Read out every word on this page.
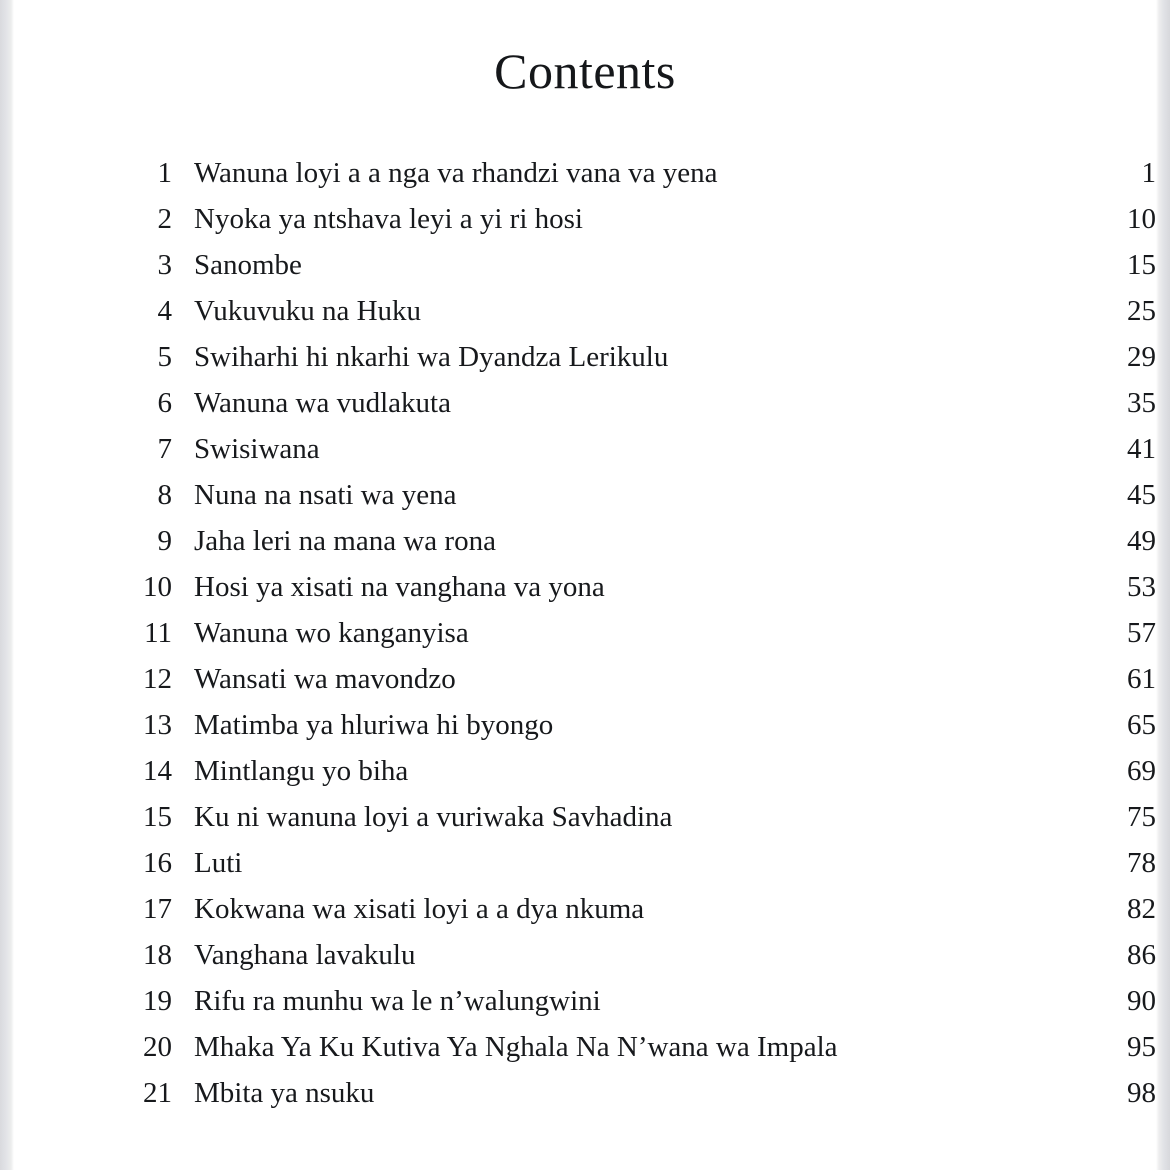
Contents
1 Wanuna loyi a a nga va rhandzi vana va yena	1
2 Nyoka ya ntshava leyi a yi ri hosi	10
3 Sanombe	15
4 Vukuvuku na Huku	25
5 Swiharhi hi nkarhi wa Dyandza Lerikulu	29
6 Wanuna wa vudlakuta	35
7 Swisiwana	41
8 Nuna na nsati wa yena	45
9 Jaha leri na mana wa rona	49
10 Hosi ya xisati na vanghana va yona	53
11 Wanuna wo kanganyisa	57
12 Wansati wa mavondzo	61
13 Matimba ya hluriwa hi byongo	65
14 Mintlangu yo biha	69
15 Ku ni wanuna loyi a vuriwaka Savhadina	75
16 Luti	78
17 Kokwana wa xisati loyi a a dya nkuma	82
18 Vanghana lavakulu	86
19 Rifu ra munhu wa le n’walungwini	90
20 Mhaka Ya Ku Kutiva Ya Nghala Na N’wana wa Impala	95
21 Mbita ya nsuku	98
